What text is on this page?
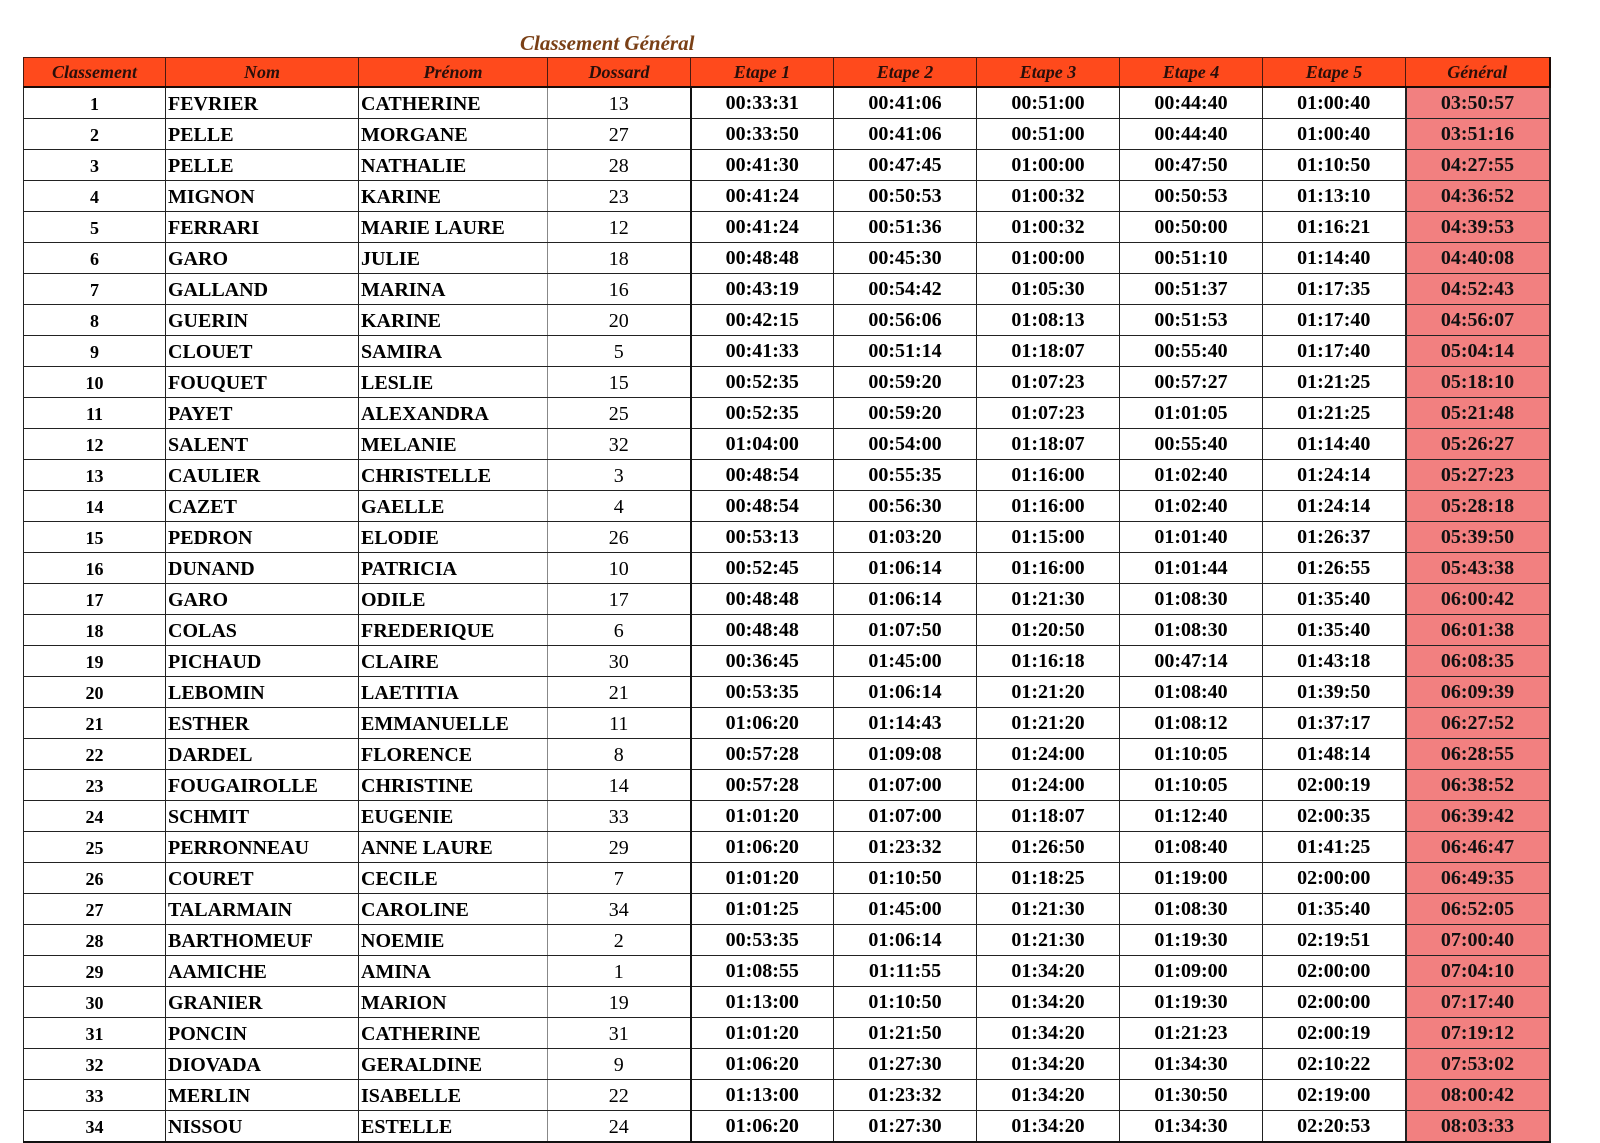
Classement Général
Classement	Nom	Prénom	Dossard	Etape 1	Etape 2	Etape 3	Etape 4	Etape 5	Général
1	FEVRIER	CATHERINE	13	00:33:31	00:41:06	00:51:00	00:44:40	01:00:40	03:50:57
2	PELLE	MORGANE	27	00:33:50	00:41:06	00:51:00	00:44:40	01:00:40	03:51:16
3	PELLE	NATHALIE	28	00:41:30	00:47:45	01:00:00	00:47:50	01:10:50	04:27:55
4	MIGNON	KARINE	23	00:41:24	00:50:53	01:00:32	00:50:53	01:13:10	04:36:52
5	FERRARI	MARIE LAURE	12	00:41:24	00:51:36	01:00:32	00:50:00	01:16:21	04:39:53
6	GARO	JULIE	18	00:48:48	00:45:30	01:00:00	00:51:10	01:14:40	04:40:08
7	GALLAND	MARINA	16	00:43:19	00:54:42	01:05:30	00:51:37	01:17:35	04:52:43
8	GUERIN	KARINE	20	00:42:15	00:56:06	01:08:13	00:51:53	01:17:40	04:56:07
9	CLOUET	SAMIRA	5	00:41:33	00:51:14	01:18:07	00:55:40	01:17:40	05:04:14
10	FOUQUET	LESLIE	15	00:52:35	00:59:20	01:07:23	00:57:27	01:21:25	05:18:10
11	PAYET	ALEXANDRA	25	00:52:35	00:59:20	01:07:23	01:01:05	01:21:25	05:21:48
12	SALENT	MELANIE	32	01:04:00	00:54:00	01:18:07	00:55:40	01:14:40	05:26:27
13	CAULIER	CHRISTELLE	3	00:48:54	00:55:35	01:16:00	01:02:40	01:24:14	05:27:23
14	CAZET	GAELLE	4	00:48:54	00:56:30	01:16:00	01:02:40	01:24:14	05:28:18
15	PEDRON	ELODIE	26	00:53:13	01:03:20	01:15:00	01:01:40	01:26:37	05:39:50
16	DUNAND	PATRICIA	10	00:52:45	01:06:14	01:16:00	01:01:44	01:26:55	05:43:38
17	GARO	ODILE	17	00:48:48	01:06:14	01:21:30	01:08:30	01:35:40	06:00:42
18	COLAS	FREDERIQUE	6	00:48:48	01:07:50	01:20:50	01:08:30	01:35:40	06:01:38
19	PICHAUD	CLAIRE	30	00:36:45	01:45:00	01:16:18	00:47:14	01:43:18	06:08:35
20	LEBOMIN	LAETITIA	21	00:53:35	01:06:14	01:21:20	01:08:40	01:39:50	06:09:39
21	ESTHER	EMMANUELLE	11	01:06:20	01:14:43	01:21:20	01:08:12	01:37:17	06:27:52
22	DARDEL	FLORENCE	8	00:57:28	01:09:08	01:24:00	01:10:05	01:48:14	06:28:55
23	FOUGAIROLLE	CHRISTINE	14	00:57:28	01:07:00	01:24:00	01:10:05	02:00:19	06:38:52
24	SCHMIT	EUGENIE	33	01:01:20	01:07:00	01:18:07	01:12:40	02:00:35	06:39:42
25	PERRONNEAU	ANNE LAURE	29	01:06:20	01:23:32	01:26:50	01:08:40	01:41:25	06:46:47
26	COURET	CECILE	7	01:01:20	01:10:50	01:18:25	01:19:00	02:00:00	06:49:35
27	TALARMAIN	CAROLINE	34	01:01:25	01:45:00	01:21:30	01:08:30	01:35:40	06:52:05
28	BARTHOMEUF	NOEMIE	2	00:53:35	01:06:14	01:21:30	01:19:30	02:19:51	07:00:40
29	AAMICHE	AMINA	1	01:08:55	01:11:55	01:34:20	01:09:00	02:00:00	07:04:10
30	GRANIER	MARION	19	01:13:00	01:10:50	01:34:20	01:19:30	02:00:00	07:17:40
31	PONCIN	CATHERINE	31	01:01:20	01:21:50	01:34:20	01:21:23	02:00:19	07:19:12
32	DIOVADA	GERALDINE	9	01:06:20	01:27:30	01:34:20	01:34:30	02:10:22	07:53:02
33	MERLIN	ISABELLE	22	01:13:00	01:23:32	01:34:20	01:30:50	02:19:00	08:00:42
34	NISSOU	ESTELLE	24	01:06:20	01:27:30	01:34:20	01:34:30	02:20:53	08:03:33
